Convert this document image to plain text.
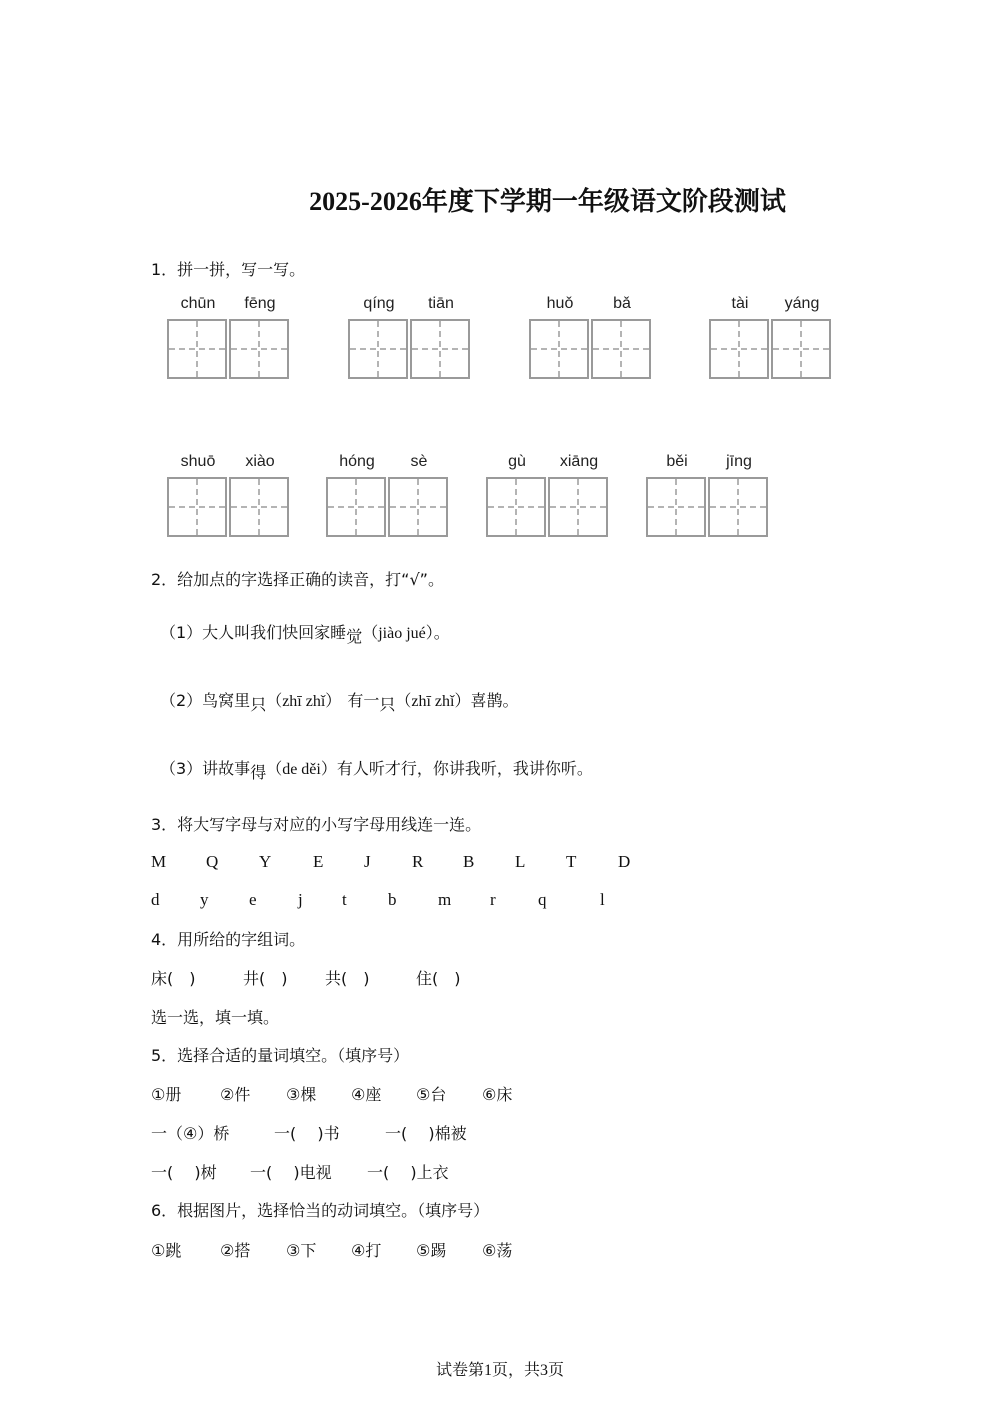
2025-2026年度下学期一年级语文阶段测试
1．拼一拼，写一写。
chūn	fēng	qíng	tiān	huǒ	bǎ	tài	yáng
shuō	xiào	hóng	sè	gù	xiāng	běi	jīng
2．给加点的字选择正确的读音，打“√”。
（1）大人叫我们快回家睡觉（jiào jué）。
（2）鸟窝里只（zhī zhǐ） 有一只（zhī zhǐ）喜鹊。
（3）讲故事得（de děi）有人听才行，你讲我听，我讲你听。
3．将大写字母与对应的小写字母用线连一连。
M Q Y E J R B L T D
d y e j t b m r q	l
4．用所给的字组词。
床(　)	井(　) 共(　)	住(　)
选一选，填一填。
5．选择合适的量词填空。（填序号）
①册 ②件 ③棵 ④座 ⑤台 ⑥床
一（④）桥	一(　 )书	一(　 )棉被
一(　 )树 一(　 )电视 一(　 )上衣
6．根据图片，选择恰当的动词填空。（填序号）
①跳 ②搭 ③下 ④打 ⑤踢 ⑥荡
试卷第1页，共3页
